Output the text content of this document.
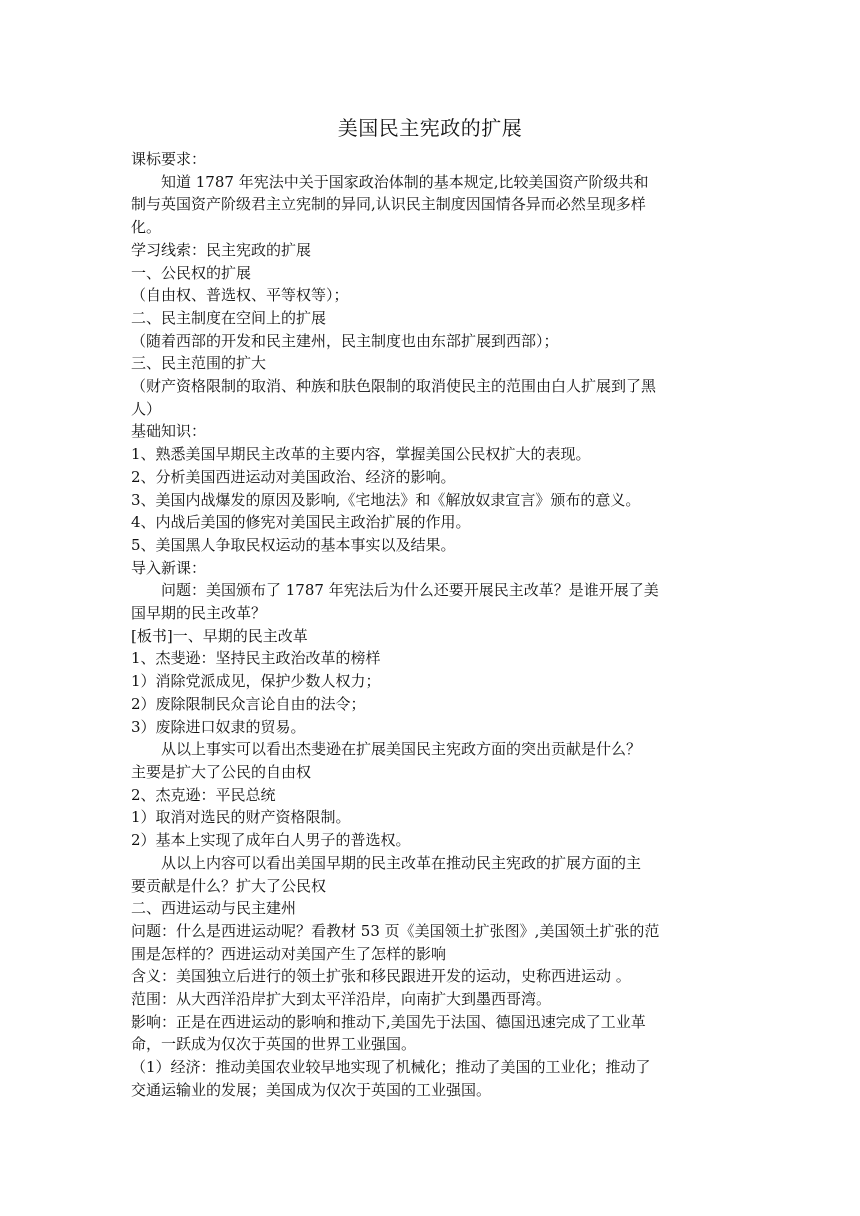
美国民主宪政的扩展
课标要求：
知道 1787 年宪法中关于国家政治体制的基本规定,比较美国资产阶级共和
制与英国资产阶级君主立宪制的异同,认识民主制度因国情各异而必然呈现多样
化。
学习线索：民主宪政的扩展
一、公民权的扩展
（自由权、普选权、平等权等）；
二、民主制度在空间上的扩展
（随着西部的开发和民主建州，民主制度也由东部扩展到西部）；
三、民主范围的扩大
（财产资格限制的取消、种族和肤色限制的取消使民主的范围由白人扩展到了黑
人）
基础知识：
1、熟悉美国早期民主改革的主要内容，掌握美国公民权扩大的表现。
2、分析美国西进运动对美国政治、经济的影响。
3、美国内战爆发的原因及影响,《宅地法》和《解放奴隶宣言》颁布的意义。
4、内战后美国的修宪对美国民主政治扩展的作用。
5、美国黑人争取民权运动的基本事实以及结果。
导入新课：
问题：美国颁布了 1787 年宪法后为什么还要开展民主改革？是谁开展了美
国早期的民主改革？
[板书]一、早期的民主改革
1、杰斐逊：坚持民主政治改革的榜样
1）消除党派成见，保护少数人权力；
2）废除限制民众言论自由的法令；
3）废除进口奴隶的贸易。
从以上事实可以看出杰斐逊在扩展美国民主宪政方面的突出贡献是什么？
主要是扩大了公民的自由权
2、杰克逊：平民总统
1）取消对选民的财产资格限制。
2）基本上实现了成年白人男子的普选权。
从以上内容可以看出美国早期的民主改革在推动民主宪政的扩展方面的主
要贡献是什么？扩大了公民权
二、西进运动与民主建州
问题：什么是西进运动呢？看教材 53 页《美国领土扩张图》,美国领土扩张的范
围是怎样的？西进运动对美国产生了怎样的影响
含义：美国独立后进行的领土扩张和移民跟进开发的运动，史称西进运动 。
范围：从大西洋沿岸扩大到太平洋沿岸，向南扩大到墨西哥湾。
影响：正是在西进运动的影响和推动下,美国先于法国、德国迅速完成了工业革
命，一跃成为仅次于英国的世界工业强国。
（1）经济：推动美国农业较早地实现了机械化；推动了美国的工业化；推动了
交通运输业的发展；美国成为仅次于英国的工业强国。
